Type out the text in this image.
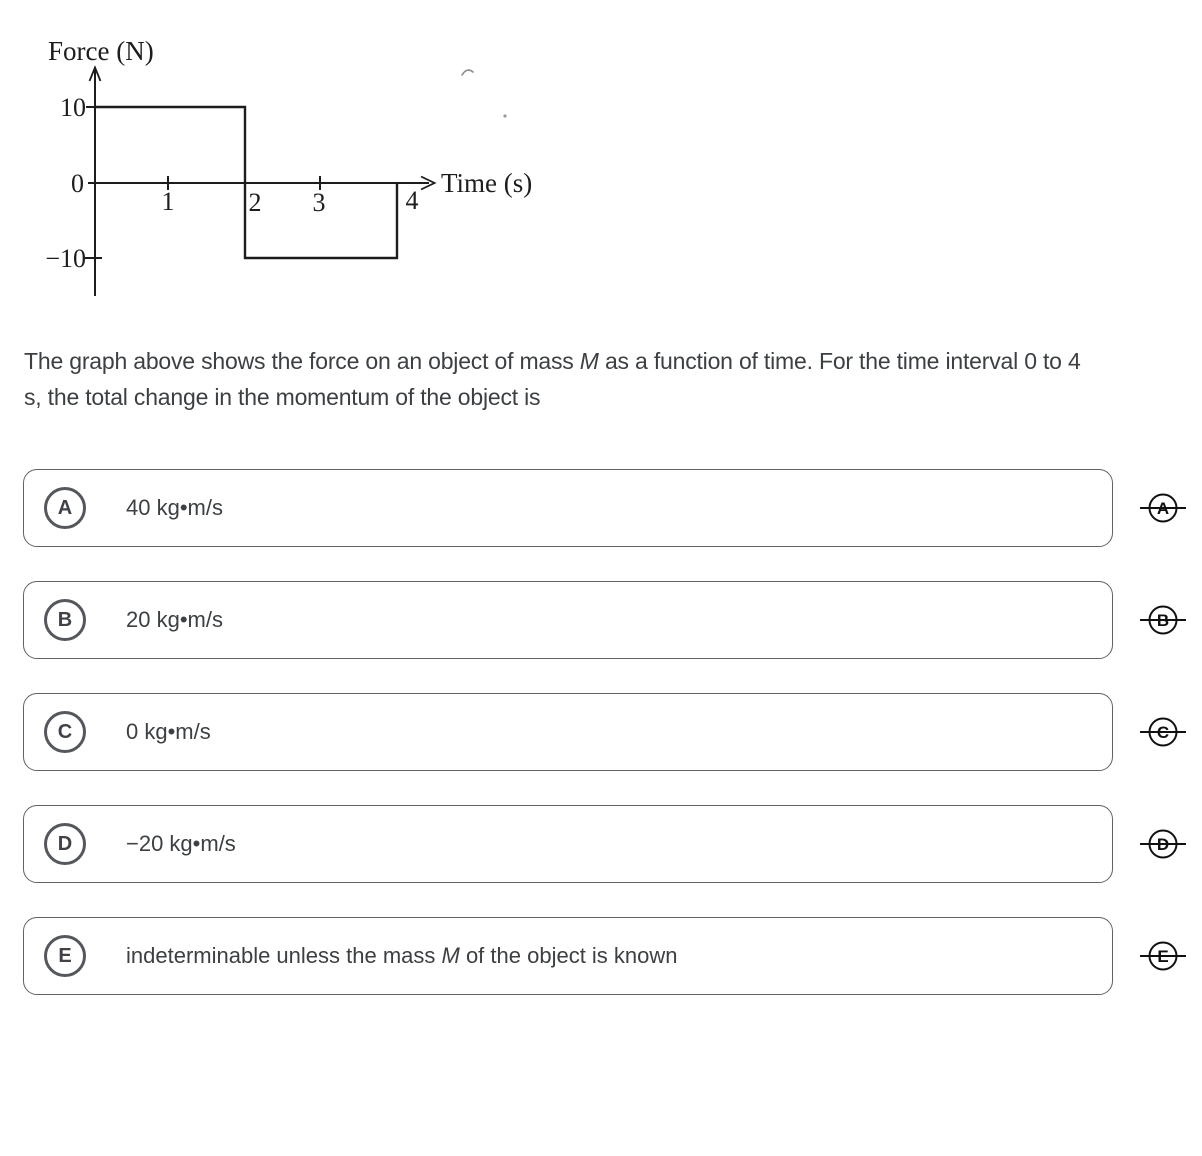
Force (N)
Time (s)
10
0
−10
1	2 3	4
The graph above shows the force on an object of mass M as a function of time. For the time interval 0 to 4
s, the total change in the momentum of the object is
A 40 kg•m/s
B 20 kg•m/s
C 0 kg•m/s
D −20 kg•m/s
E indeterminable unless the mass M of the object is known
A
B
C
D
E
